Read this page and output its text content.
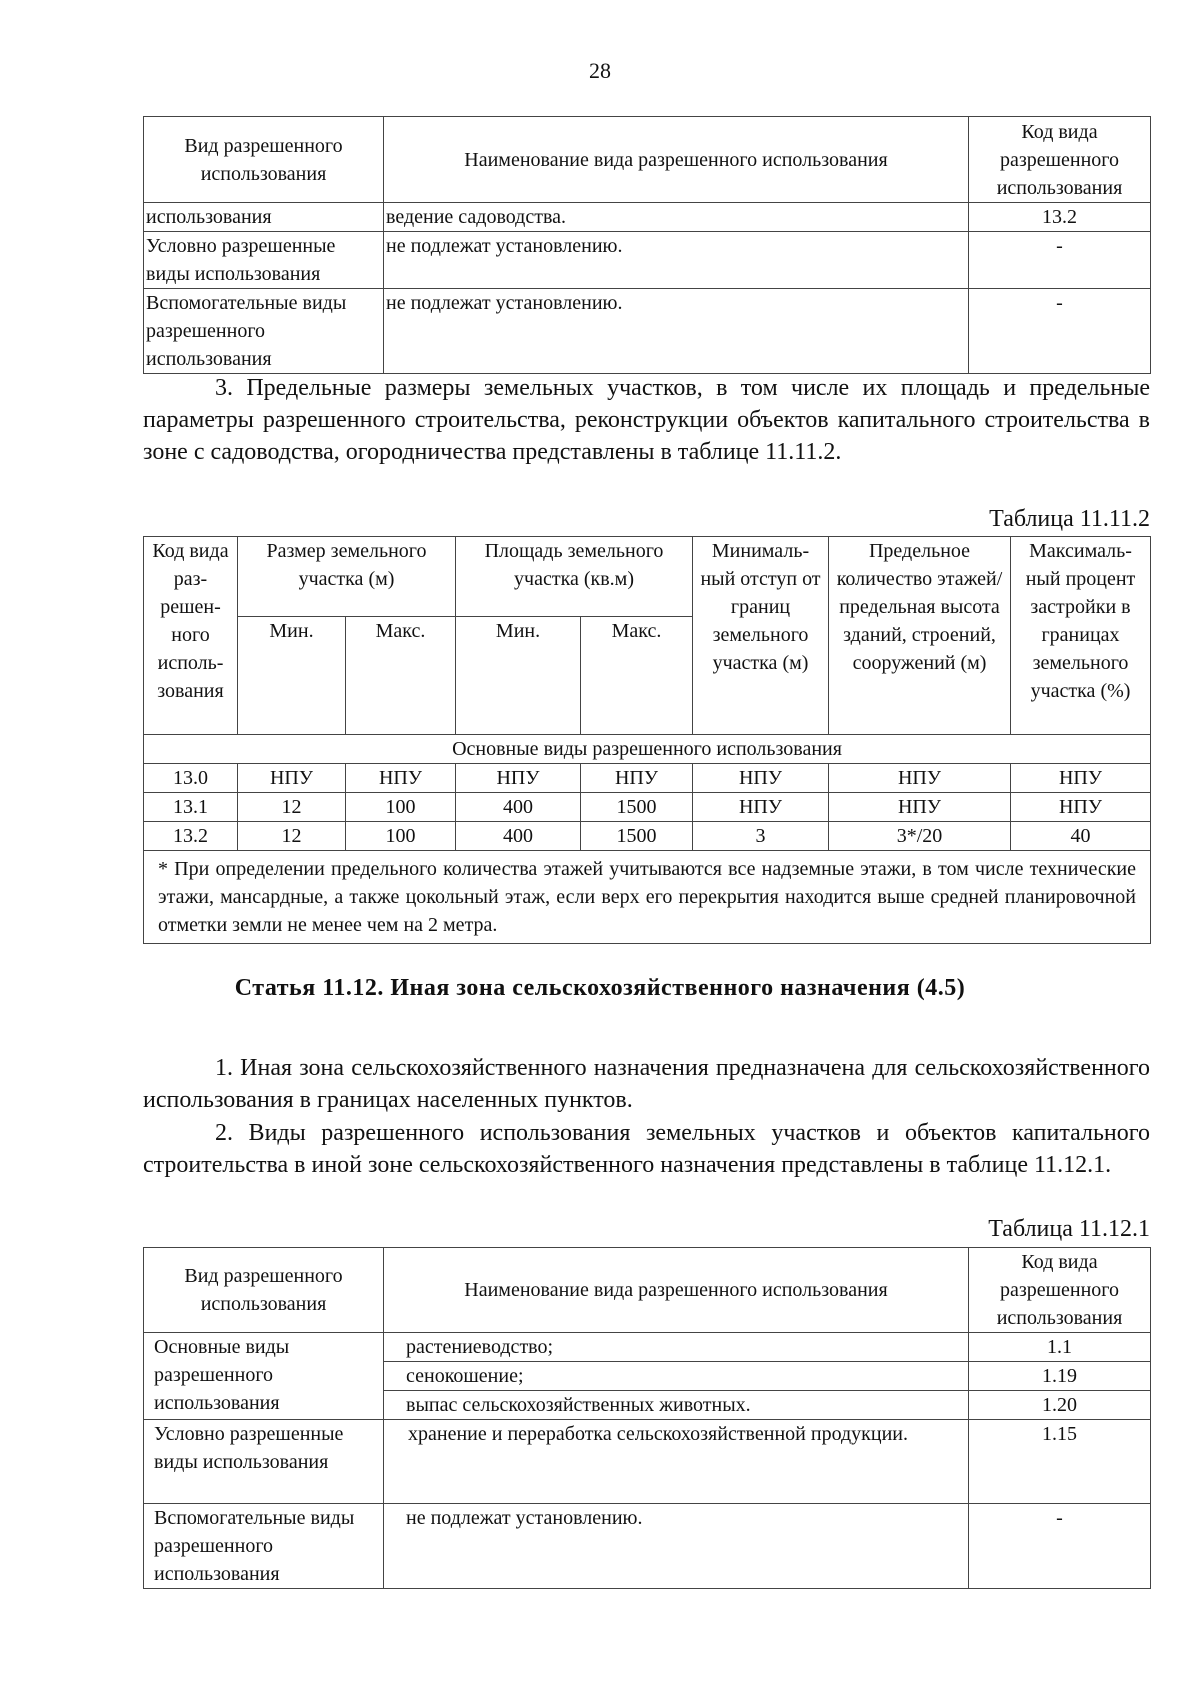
28
Вид разрешенного использования	Наименование вида разрешенного использования	Код вида разрешенного использования
использования	ведение садоводства.	13.2
Условно разрешенные виды использования	не подлежат установлению.	-
Вспомогательные виды разрешенного использования	не подлежат установлению.	-
3. Предельные размеры земельных участков, в том числе их площадь и предельные параметры разрешенного строительства, реконструкции объектов капитального строительства в зоне с садоводства, огородничества представлены в таблице 11.11.2.
Таблица 11.11.2
Код вида раз-решен-ного исполь-зования	Размер земельного участка (м)		Площадь земельного участка (кв.м)		Минималь-ный отступ от границ земельного участка (м)	Предельное количество этажей/ предельная высота зданий, строений, сооружений (м)	Максималь-ный процент застройки в границах земельного участка (%)
	Мин.	Макс.	Мин.	Макс.			
Основные виды разрешенного использования							
13.0	НПУ	НПУ	НПУ	НПУ	НПУ	НПУ	НПУ
13.1	12	100	400	1500	НПУ	НПУ	НПУ
13.2	12	100	400	1500	3	3*/20	40
* При определении предельного количества этажей учитываются все надземные этажи, в том числе технические этажи, мансардные, а также цокольный этаж, если верх его перекрытия находится выше средней планировочной отметки земли не менее чем на 2 метра.							
Статья 11.12. Иная зона сельскохозяйственного назначения (4.5)
1. Иная зона сельскохозяйственного назначения предназначена для сельскохозяйственного использования в границах населенных пунктов.
2. Виды разрешенного использования земельных участков и объектов капитального строительства в иной зоне сельскохозяйственного назначения представлены в таблице 11.12.1.
Таблица 11.12.1
Вид разрешенного использования	Наименование вида разрешенного использования	Код вида разрешенного использования
Основные виды разрешенного использования	растениеводство;	1.1
	сенокошение;	1.19
	выпас сельскохозяйственных животных.	1.20
Условно разрешенные виды использования	хранение и переработка сельскохозяйственной продукции.	1.15
Вспомогательные виды разрешенного использования	не подлежат установлению.	-
